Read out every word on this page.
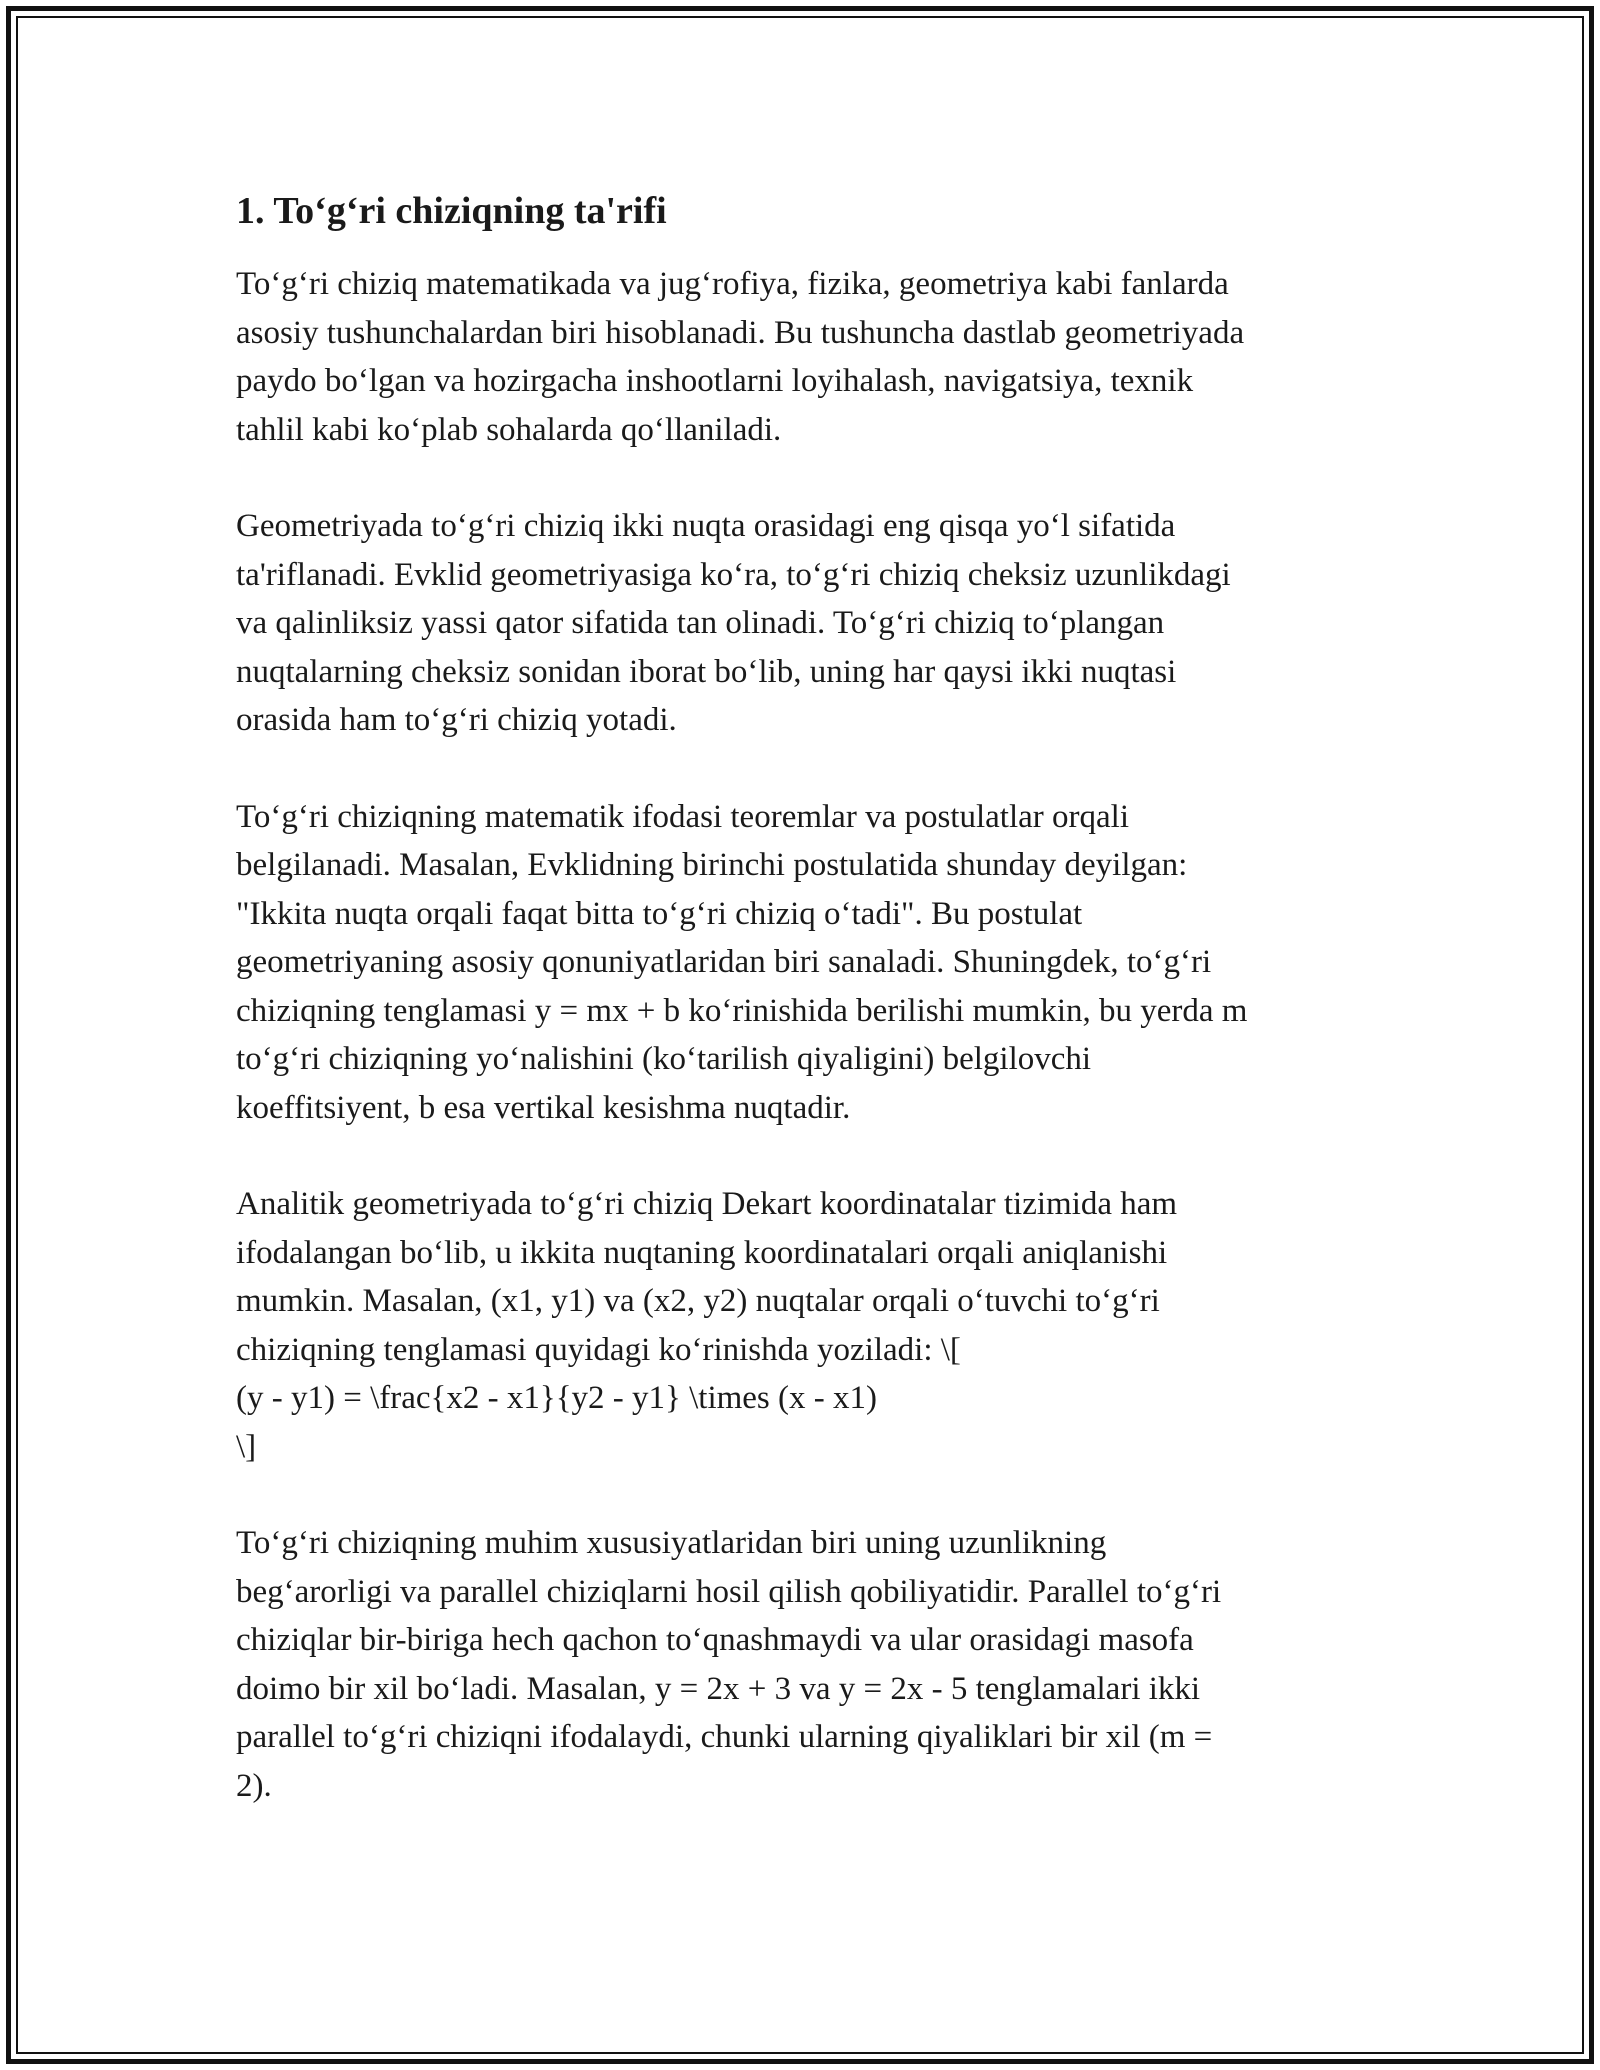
1. To‘g‘ri chiziqning ta'rifi

To‘g‘ri chiziq matematikada va jug‘rofiya, fizika, geometriya kabi fanlarda
asosiy tushunchalardan biri hisoblanadi. Bu tushuncha dastlab geometriyada
paydo bo‘lgan va hozirgacha inshootlarni loyihalash, navigatsiya, texnik
tahlil kabi ko‘plab sohalarda qo‘llaniladi.

Geometriyada to‘g‘ri chiziq ikki nuqta orasidagi eng qisqa yo‘l sifatida
ta'riflanadi. Evklid geometriyasiga ko‘ra, to‘g‘ri chiziq cheksiz uzunlikdagi
va qalinliksiz yassi qator sifatida tan olinadi. To‘g‘ri chiziq to‘plangan
nuqtalarning cheksiz sonidan iborat bo‘lib, uning har qaysi ikki nuqtasi
orasida ham to‘g‘ri chiziq yotadi.

To‘g‘ri chiziqning matematik ifodasi teoremlar va postulatlar orqali
belgilanadi. Masalan, Evklidning birinchi postulatida shunday deyilgan:
"Ikkita nuqta orqali faqat bitta to‘g‘ri chiziq o‘tadi". Bu postulat
geometriyaning asosiy qonuniyatlaridan biri sanaladi. Shuningdek, to‘g‘ri
chiziqning tenglamasi y = mx + b ko‘rinishida berilishi mumkin, bu yerda m
to‘g‘ri chiziqning yo‘nalishini (ko‘tarilish qiyaligini) belgilovchi
koeffitsiyent, b esa vertikal kesishma nuqtadir.

Analitik geometriyada to‘g‘ri chiziq Dekart koordinatalar tizimida ham
ifodalangan bo‘lib, u ikkita nuqtaning koordinatalari orqali aniqlanishi
mumkin. Masalan, (x1, y1) va (x2, y2) nuqtalar orqali o‘tuvchi to‘g‘ri
chiziqning tenglamasi quyidagi ko‘rinishda yoziladi: \[
(y - y1) = \frac{x2 - x1}{y2 - y1} \times (x - x1)
\]

To‘g‘ri chiziqning muhim xususiyatlaridan biri uning uzunlikning
beg‘arorligi va parallel chiziqlarni hosil qilish qobiliyatidir. Parallel to‘g‘ri
chiziqlar bir-biriga hech qachon to‘qnashmaydi va ular orasidagi masofa
doimo bir xil bo‘ladi. Masalan, y = 2x + 3 va y = 2x - 5 tenglamalari ikki
parallel to‘g‘ri chiziqni ifodalaydi, chunki ularning qiyaliklari bir xil (m =
2).
